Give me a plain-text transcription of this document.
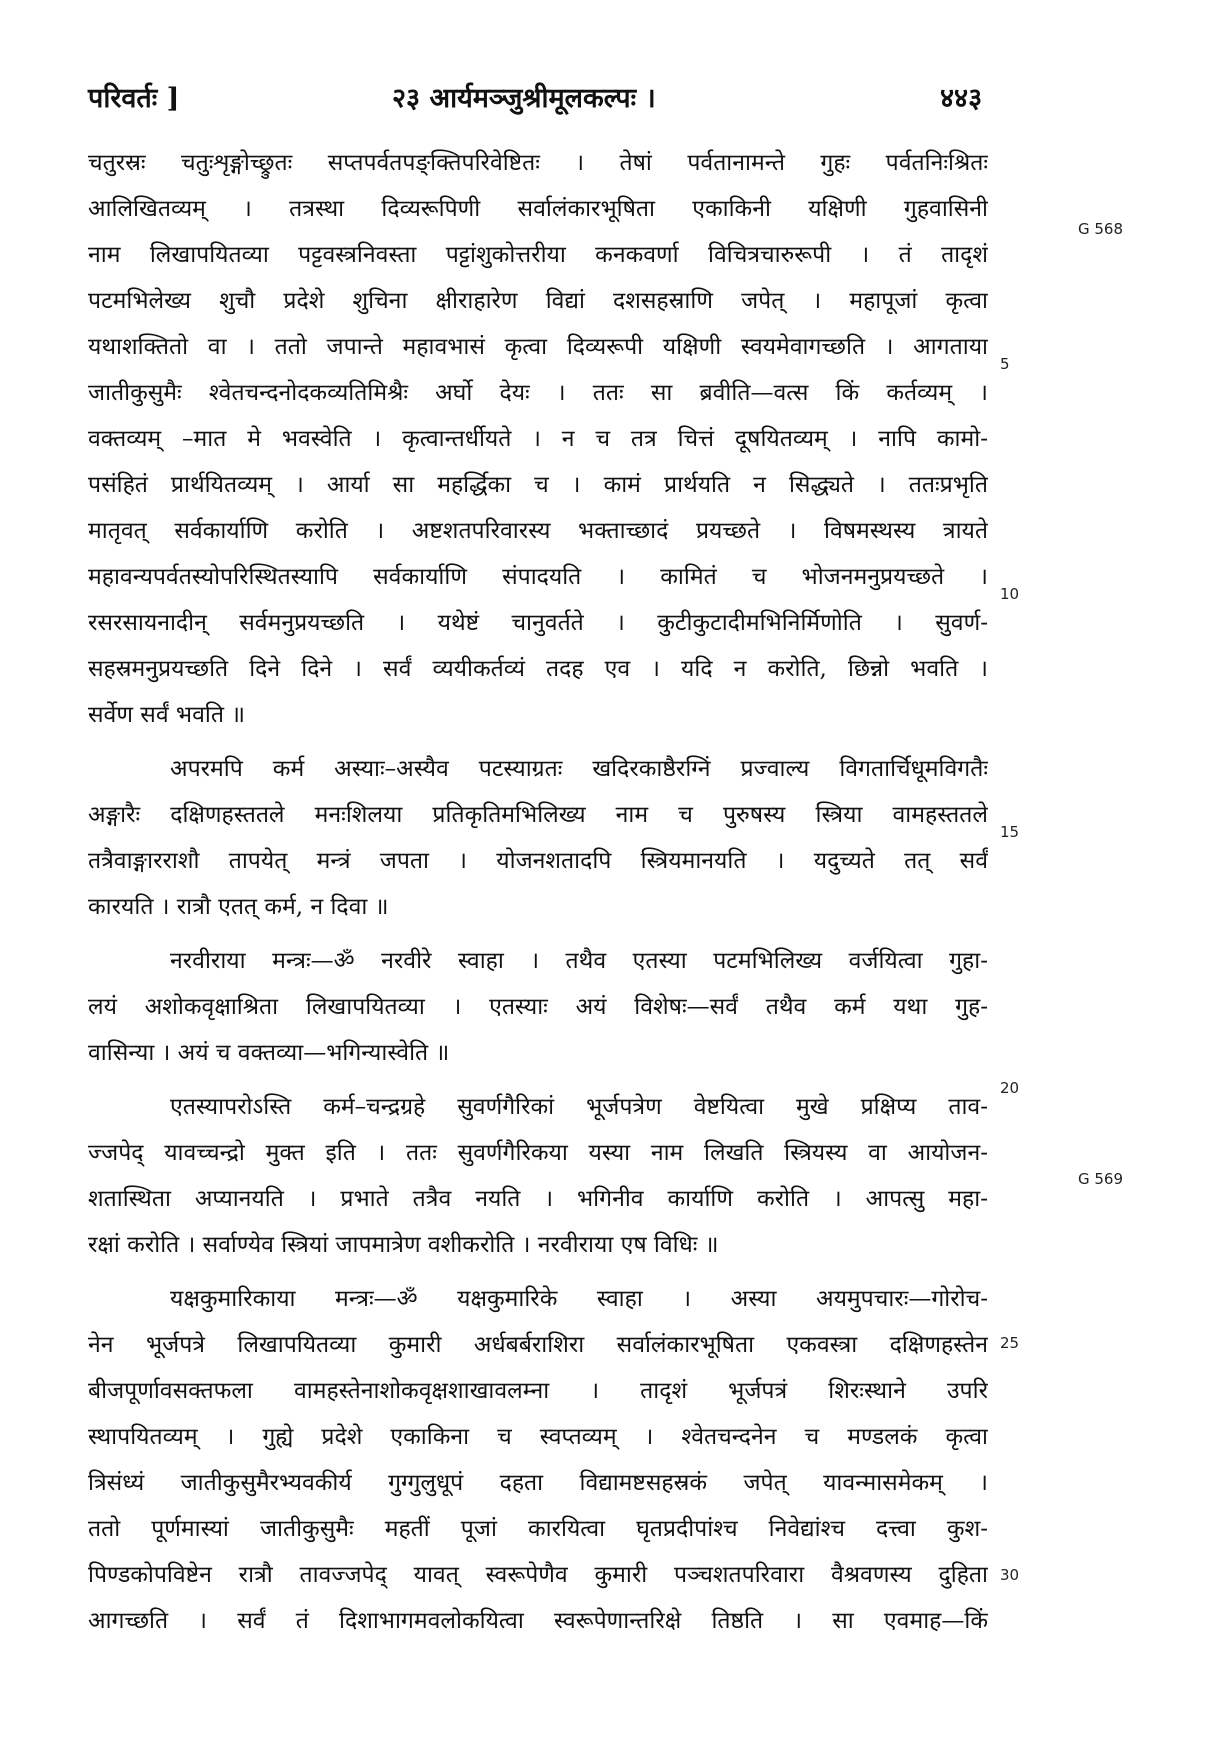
परिवर्तः ]	२३ आर्यमञ्जुश्रीमूलकल्पः ।	४४३
G 568
G 569
5
10
15
20
25
30
चतुरस्रः चतुःशृङ्गोच्छ्रुतः सप्तपर्वतपङ्क्तिपरिवेष्टितः । तेषां पर्वतानामन्ते गुहः पर्वतनिःश्रितः
आलिखितव्यम् । तत्रस्था दिव्यरूपिणी सर्वालंकारभूषिता एकाकिनी यक्षिणी गुहवासिनी
नाम लिखापयितव्या पट्टवस्त्रनिवस्ता पट्टांशुकोत्तरीया कनकवर्णा विचित्रचारुरूपी । तं तादृशं
पटमभिलेख्य शुचौ प्रदेशे शुचिना क्षीराहारेण विद्यां दशसहस्राणि जपेत् । महापूजां कृत्वा
यथाशक्तितो वा । ततो जपान्ते महावभासं कृत्वा दिव्यरूपी यक्षिणी स्वयमेवागच्छति । आगताया
जातीकुसुमैः श्वेतचन्दनोदकव्यतिमिश्रैः अर्घो देयः । ततः सा ब्रवीति—वत्स किं कर्तव्यम् ।
वक्तव्यम् –मात मे भवस्वेति । कृत्वान्तर्धीयते । न च तत्र चित्तं दूषयितव्यम् । नापि कामो-
पसंहितं प्रार्थयितव्यम् । आर्या सा महर्द्धिका च । कामं प्रार्थयति न सिद्ध्यते । ततःप्रभृति
मातृवत् सर्वकार्याणि करोति । अष्टशतपरिवारस्य भक्ताच्छादं प्रयच्छते । विषमस्थस्य त्रायते
महावन्यपर्वतस्योपरिस्थितस्यापि सर्वकार्याणि संपादयति । कामितं च भोजनमनुप्रयच्छते ।
रसरसायनादीन् सर्वमनुप्रयच्छति । यथेष्टं चानुवर्तते । कुटीकुटादीमभिनिर्मिणोति । सुवर्ण-
सहस्रमनुप्रयच्छति दिने दिने । सर्वं व्ययीकर्तव्यं तदह एव । यदि न करोति, छिन्नो भवति ।
सर्वेण सर्वं भवति ॥
अपरमपि कर्म अस्याः–अस्यैव पटस्याग्रतः खदिरकाष्ठैरग्निं प्रज्वाल्य विगतार्चिधूमविगतैः
अङ्गारैः दक्षिणहस्ततले मनःशिलया प्रतिकृतिमभिलिख्य नाम च पुरुषस्य स्त्रिया वामहस्ततले
तत्रैवाङ्गारराशौ तापयेत् मन्त्रं जपता । योजनशतादपि स्त्रियमानयति । यदुच्यते तत् सर्वं
कारयति । रात्रौ एतत् कर्म, न दिवा ॥
नरवीराया मन्त्रः—ॐ नरवीरे स्वाहा । तथैव एतस्या पटमभिलिख्य वर्जयित्वा गुहा-
लयं अशोकवृक्षाश्रिता लिखापयितव्या । एतस्याः अयं विशेषः—सर्वं तथैव कर्म यथा गुह-
वासिन्या । अयं च वक्तव्या—भगिन्यास्वेति ॥
एतस्यापरोऽस्ति कर्म–चन्द्रग्रहे सुवर्णगैरिकां भूर्जपत्रेण वेष्टयित्वा मुखे प्रक्षिप्य ताव-
ज्जपेद् यावच्चन्द्रो मुक्त इति । ततः सुवर्णगैरिकया यस्या नाम लिखति स्त्रियस्य वा आयोजन-
शतास्थिता अप्यानयति । प्रभाते तत्रैव नयति । भगिनीव कार्याणि करोति । आपत्सु महा-
रक्षां करोति । सर्वाण्येव स्त्रियां जापमात्रेण वशीकरोति । नरवीराया एष विधिः ॥
यक्षकुमारिकाया मन्त्रः—ॐ यक्षकुमारिके स्वाहा । अस्या अयमुपचारः—गोरोच-
नेन भूर्जपत्रे लिखापयितव्या कुमारी अर्धबर्बराशिरा सर्वालंकारभूषिता एकवस्त्रा दक्षिणहस्तेन
बीजपूर्णावसक्तफला वामहस्तेनाशोकवृक्षशाखावलम्ना । तादृशं भूर्जपत्रं शिरःस्थाने उपरि
स्थापयितव्यम् । गुह्ये प्रदेशे एकाकिना च स्वप्तव्यम् । श्वेतचन्दनेन च मण्डलकं कृत्वा
त्रिसंध्यं जातीकुसुमैरभ्यवकीर्य गुग्गुलुधूपं दहता विद्यामष्टसहस्रकं जपेत् यावन्मासमेकम् ।
ततो पूर्णमास्यां जातीकुसुमैः महतीं पूजां कारयित्वा घृतप्रदीपांश्च निवेद्यांश्च दत्त्वा कुश-
पिण्डकोपविष्टेन रात्रौ तावज्जपेद् यावत् स्वरूपेणैव कुमारी पञ्चशतपरिवारा वैश्रवणस्य दुहिता
आगच्छति । सर्वं तं दिशाभागमवलोकयित्वा स्वरूपेणान्तरिक्षे तिष्ठति । सा एवमाह—किं
